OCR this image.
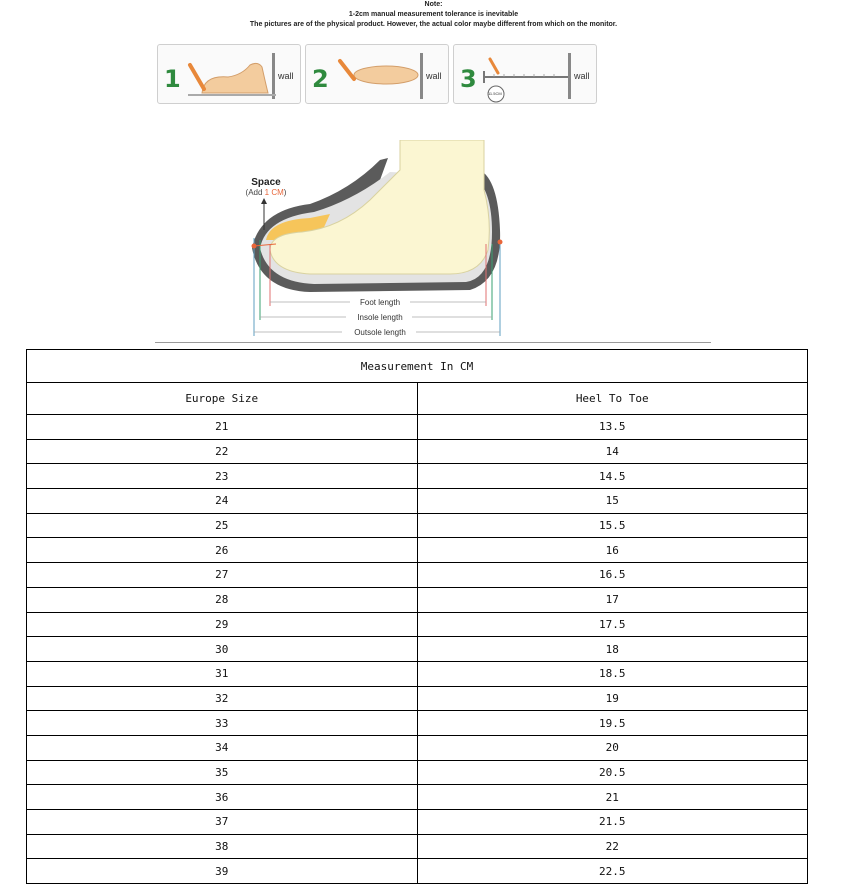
Note:
1-2cm manual measurement tolerance is inevitable
The pictures are of the physical product. However, the actual color maybe different from which on the monitor.
1	wall 2	wall 3
11.5CM
wall
Foot length
Insole length
Outsole length
Space
(Add 1 CM)
Measurement In CM	
Europe Size	Heel To Toe
21	13.5
22	14
23	14.5
24	15
25	15.5
26	16
27	16.5
28	17
29	17.5
30	18
31	18.5
32	19
33	19.5
34	20
35	20.5
36	21
37	21.5
38	22
39	22.5
